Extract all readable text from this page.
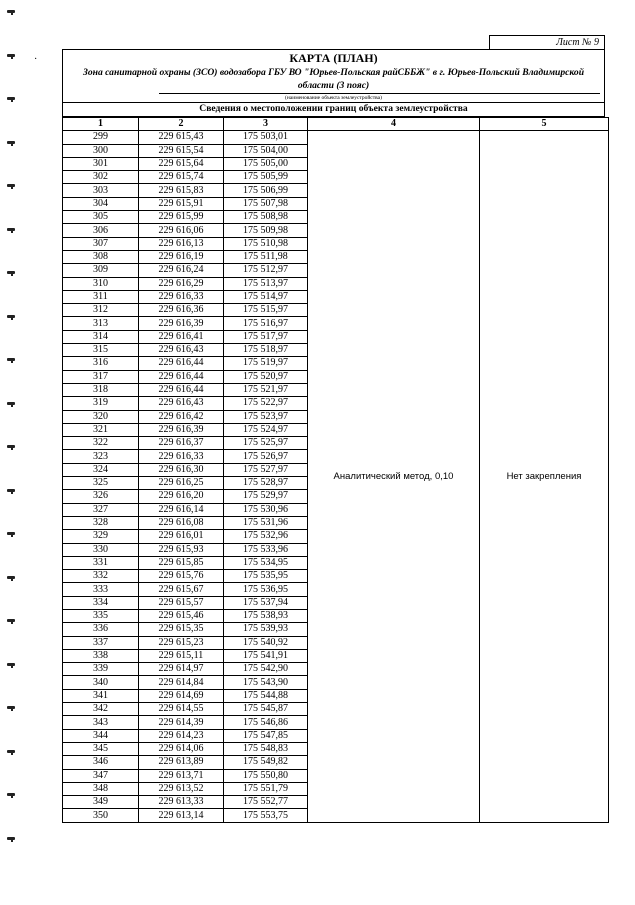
·
Лист № 9
КАРТА (ПЛАН)
Зона санитарной охраны (ЗСО) водозабора ГБУ ВО "Юрьев-Польская райСББЖ" в г. Юрьев-Польский Владимирской области (3 пояс)
(наименование объекта землеустройства)
Сведения о местоположении границ объекта землеустройства
1	2	3	4	5
299	229 615,43	175 503,01	Аналитический метод, 0,10	Нет закрепления
300	229 615,54	175 504,00		
301	229 615,64	175 505,00		
302	229 615,74	175 505,99		
303	229 615,83	175 506,99		
304	229 615,91	175 507,98		
305	229 615,99	175 508,98		
306	229 616,06	175 509,98		
307	229 616,13	175 510,98		
308	229 616,19	175 511,98		
309	229 616,24	175 512,97		
310	229 616,29	175 513,97		
311	229 616,33	175 514,97		
312	229 616,36	175 515,97		
313	229 616,39	175 516,97		
314	229 616,41	175 517,97		
315	229 616,43	175 518,97		
316	229 616,44	175 519,97		
317	229 616,44	175 520,97		
318	229 616,44	175 521,97		
319	229 616,43	175 522,97		
320	229 616,42	175 523,97		
321	229 616,39	175 524,97		
322	229 616,37	175 525,97		
323	229 616,33	175 526,97		
324	229 616,30	175 527,97		
325	229 616,25	175 528,97		
326	229 616,20	175 529,97		
327	229 616,14	175 530,96		
328	229 616,08	175 531,96		
329	229 616,01	175 532,96		
330	229 615,93	175 533,96		
331	229 615,85	175 534,95		
332	229 615,76	175 535,95		
333	229 615,67	175 536,95		
334	229 615,57	175 537,94		
335	229 615,46	175 538,93		
336	229 615,35	175 539,93		
337	229 615,23	175 540,92		
338	229 615,11	175 541,91		
339	229 614,97	175 542,90		
340	229 614,84	175 543,90		
341	229 614,69	175 544,88		
342	229 614,55	175 545,87		
343	229 614,39	175 546,86		
344	229 614,23	175 547,85		
345	229 614,06	175 548,83		
346	229 613,89	175 549,82		
347	229 613,71	175 550,80		
348	229 613,52	175 551,79		
349	229 613,33	175 552,77		
350	229 613,14	175 553,75		
